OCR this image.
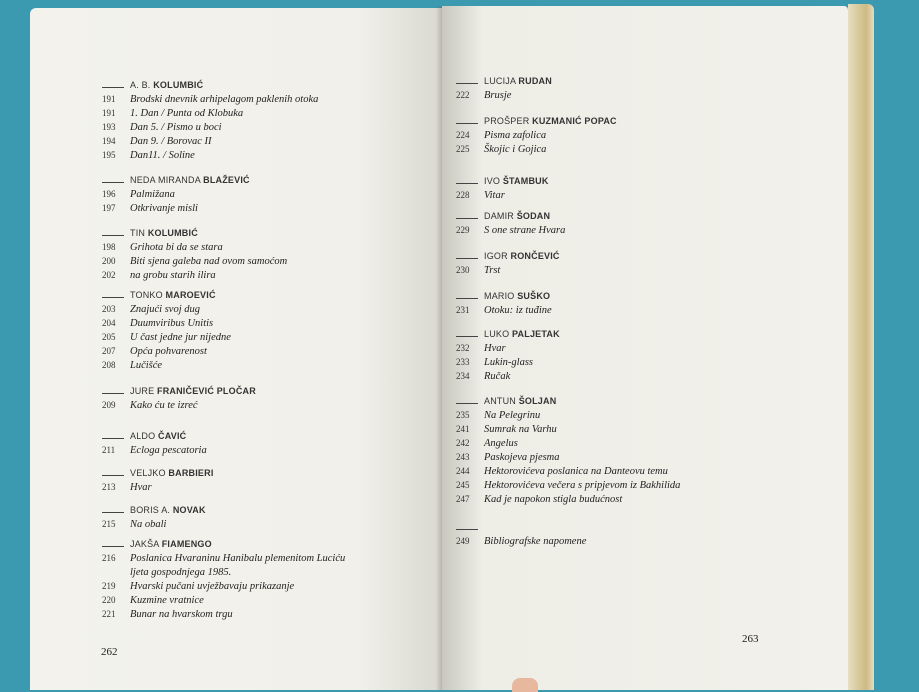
A. B. KOLUMBIĆ
191	Brodski dnevnik arhipelagom paklenih otoka
191	1. Dan / Punta od Klobuka
193	Dan 5. / Pismo u boci
194	Dan 9. / Borovac II
195	Dan11. / Soline
NEDA MIRANDA BLAŽEVIĆ
196	Palmižana
197	Otkrivanje misli
TIN KOLUMBIĆ
198	Grihota bi da se stara
200	Biti sjena galeba nad ovom samoćom
202	na grobu starih ilira
TONKO MAROEVIĆ
203	Znajući svoj dug
204	Duumviribus Unitis
205	U čast jedne jur nijedne
207	Opća pohvarenost
208	Lučišće
JURE FRANIČEVIĆ PLOČAR
209	Kako ću te izreć
ALDO ČAVIĆ
211	Ecloga pescatoria
VELJKO BARBIERI
213	Hvar
BORIS A. NOVAK
215	Na obali
JAKŠA FIAMENGO
216	Poslanica Hvaraninu Hanibalu plemenitom Luciću
ljeta gospodnjega 1985.
219	Hvarski pučani uvježbavaju prikazanje
220	Kuzmine vratnice
221	Bunar na hvarskom trgu
262
LUCIJA RUDAN
222	Brusje
PROŠPER KUZMANIĆ POPAC
224	Pisma zafolica
225	Škojic i Gojica
IVO ŠTAMBUK
228	Vitar
DAMIR ŠODAN
229	S one strane Hvara
IGOR RONČEVIĆ
230	Trst
MARIO SUŠKO
231	Otoku: iz tuđine
LUKO PALJETAK
232	Hvar
233	Lukin-glass
234	Ručak
ANTUN ŠOLJAN
235	Na Pelegrinu
241	Sumrak na Varhu
242	Angelus
243	Paskojeva pjesma
244	Hektorovićeva poslanica na Danteovu temu
245	Hektorovićeva večera s pripjevom iz Bakhilida
247	Kad je napokon stigla budućnost
249	Bibliografske napomene
263
